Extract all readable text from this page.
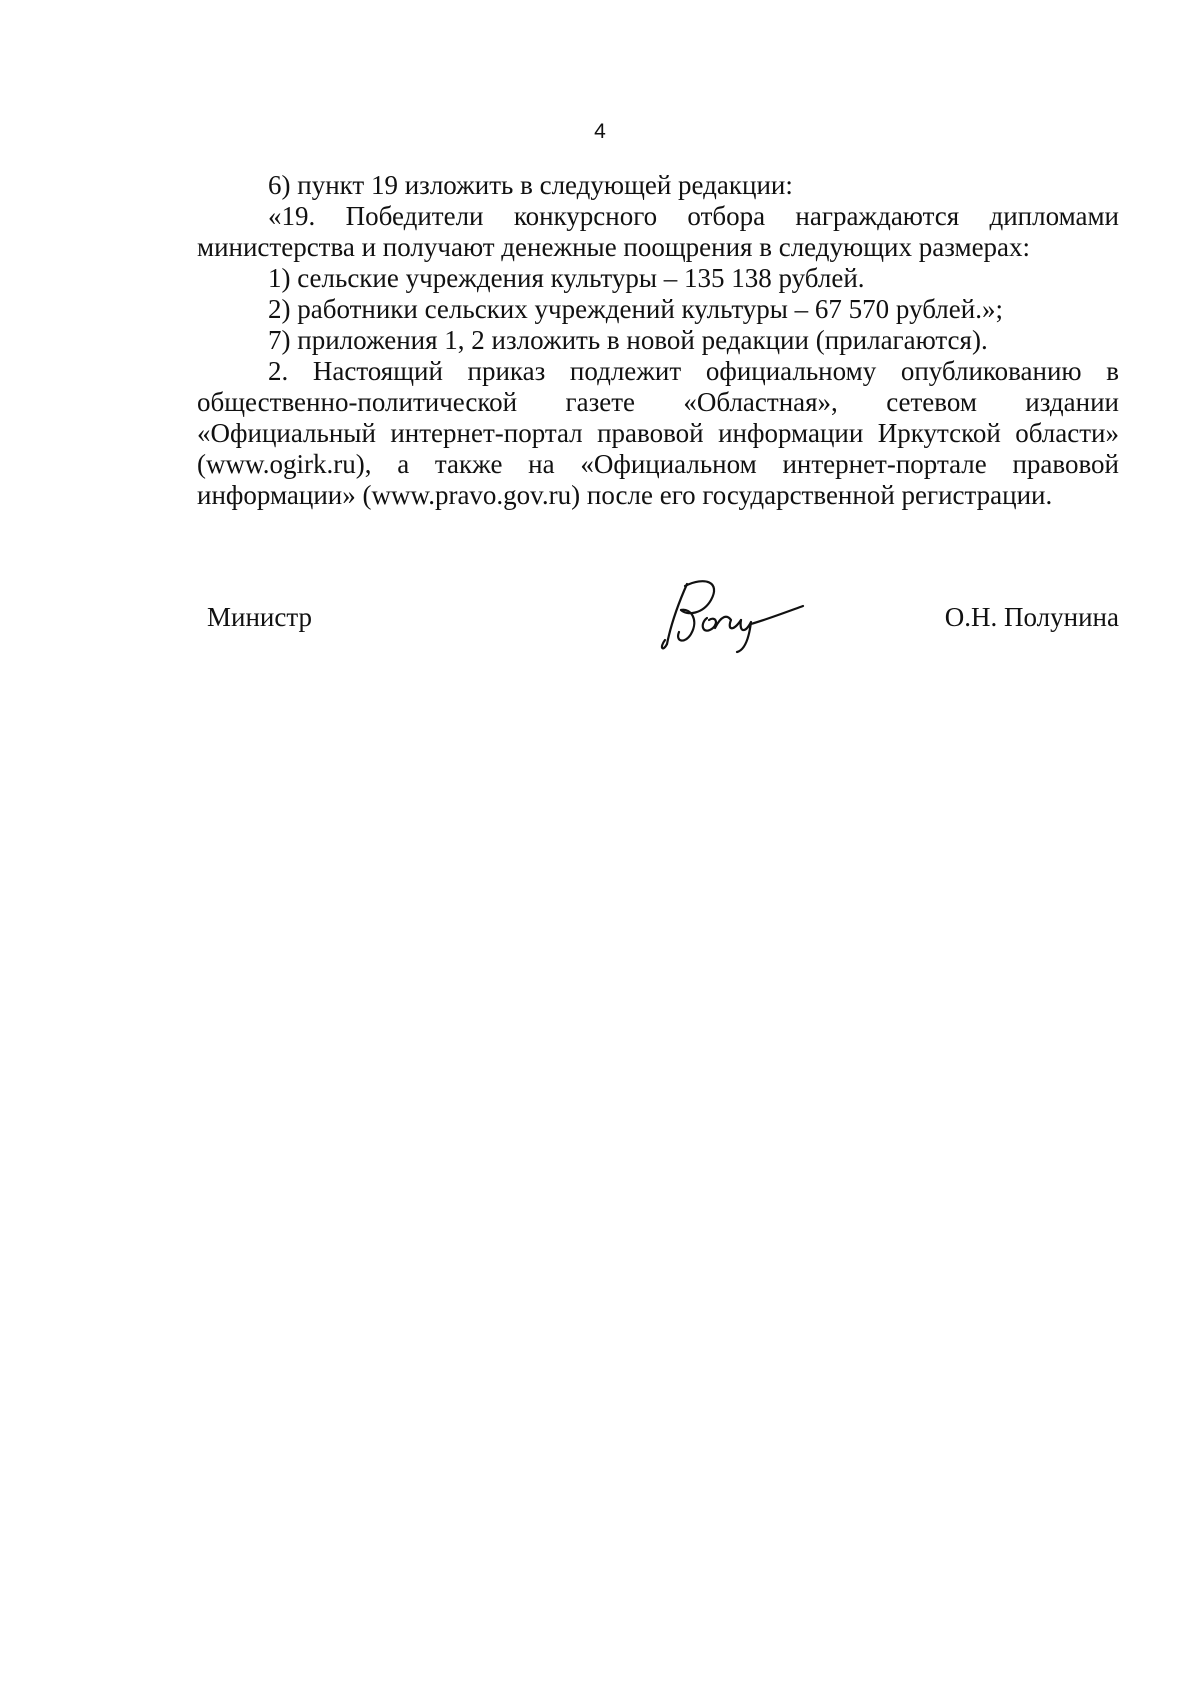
4

6) пункт 19 изложить в следующей редакции:

«19. Победители конкурсного отбора награждаются дипломами министерства и получают денежные поощрения в следующих размерах:

1) сельские учреждения культуры – 135 138 рублей.

2) работники сельских учреждений культуры – 67 570 рублей.»;

7) приложения 1, 2 изложить в новой редакции (прилагаются).

2. Настоящий приказ подлежит официальному опубликованию в общественно-политической газете «Областная», сетевом издании «Официальный интернет-портал правовой информации Иркутской области» (www.ogirk.ru), а также на «Официальном интернет-портале правовой информации» (www.pravo.gov.ru) после его государственной регистрации.

Министр	О.Н. Полунина
